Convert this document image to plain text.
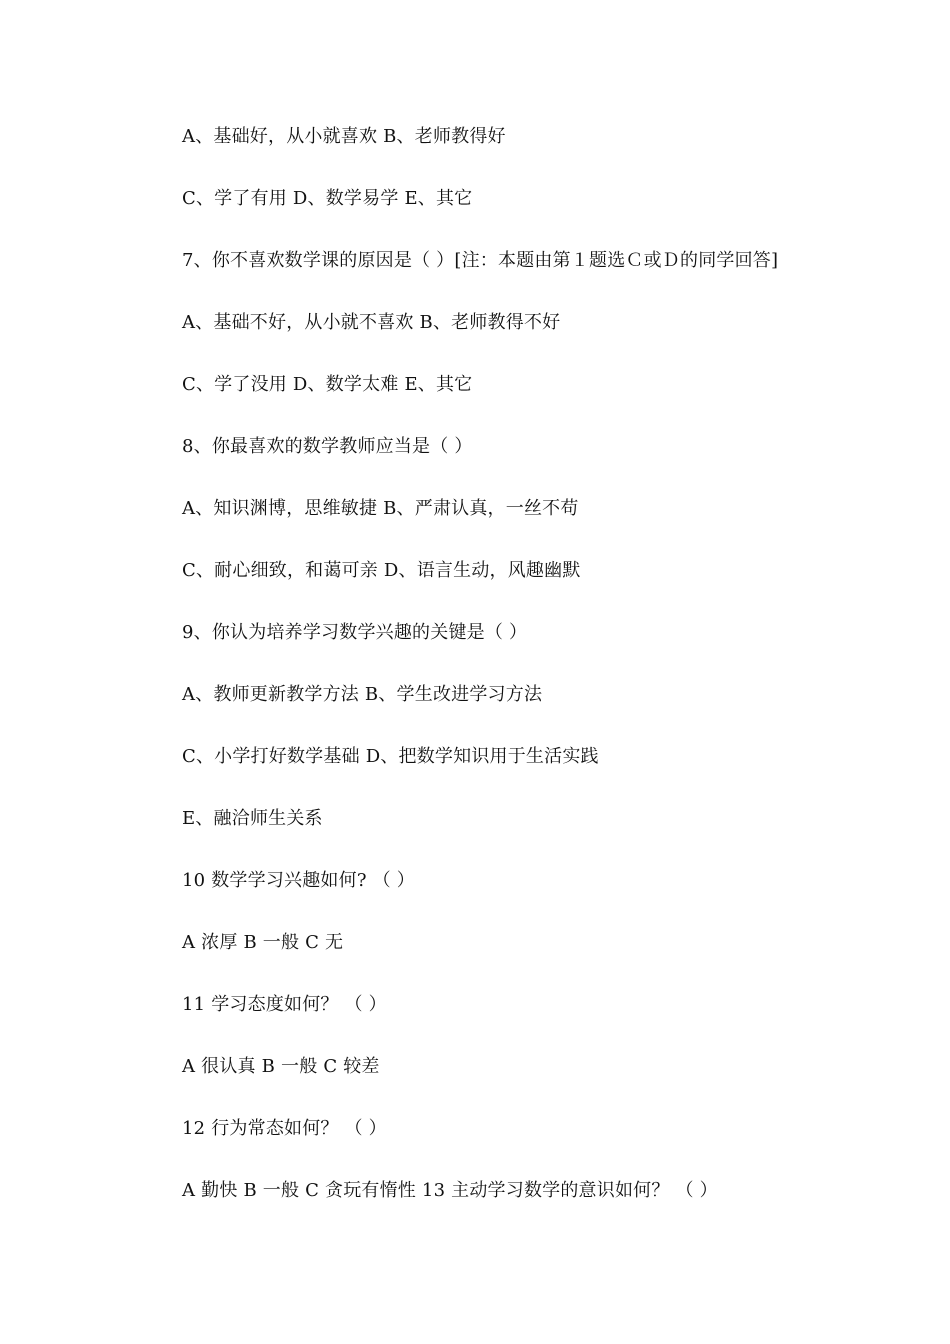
A、基础好，从小就喜欢 B、老师教得好
C、学了有用 D、数学易学 E、其它
7、你不喜欢数学课的原因是（ ）[注：本题由第１题选Ｃ或Ｄ的同学回答]
A、基础不好，从小就不喜欢 B、老师教得不好
C、学了没用 D、数学太难 E、其它
8、你最喜欢的数学教师应当是（ ）
A、知识渊博，思维敏捷 B、严肃认真，一丝不苟
C、耐心细致，和蔼可亲 D、语言生动，风趣幽默
9、你认为培养学习数学兴趣的关键是（ ）
A、教师更新教学方法 B、学生改进学习方法
C、小学打好数学基础 D、把数学知识用于生活实践
E、融洽师生关系
10 数学学习兴趣如何? （ ）
A 浓厚 B 一般 C 无
11 学习态度如何？ （ ）
A 很认真 B 一般 C 较差
12 行为常态如何？ （ ）
A 勤快 B 一般 C 贪玩有惰性 13 主动学习数学的意识如何？ （ ）
